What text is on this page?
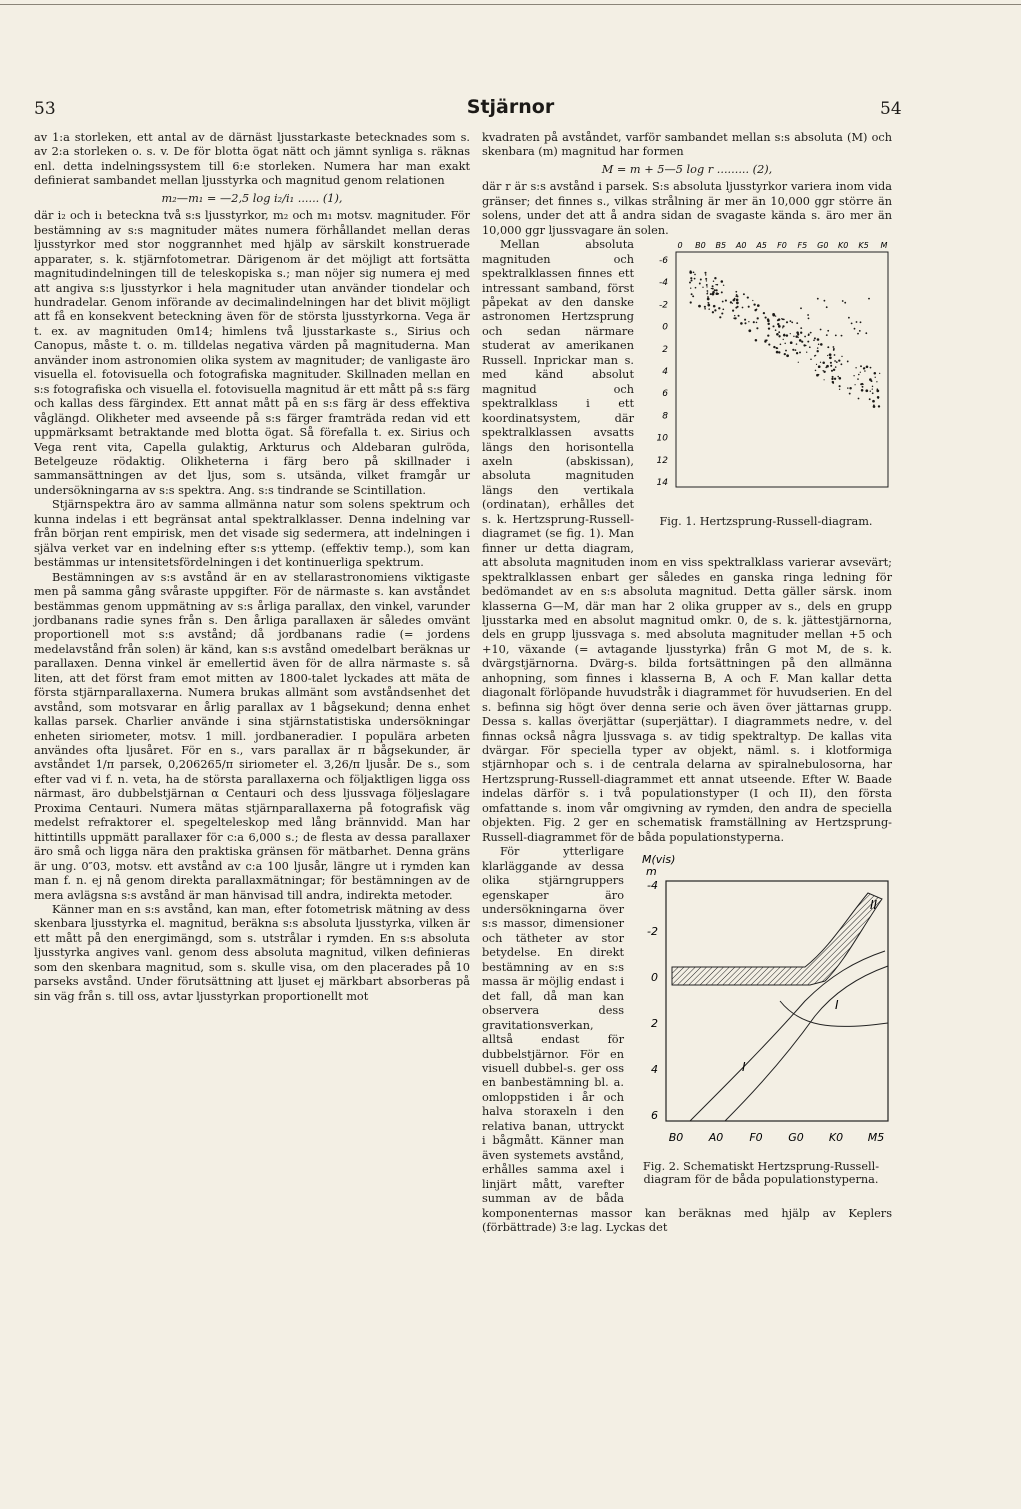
53	Stjärnor	54

av 1:a storleken, ett antal av de därnäst ljusstarkaste betecknades som s. av 2:a storleken o. s. v. De för blotta ögat nätt och jämnt synliga s. räknas enl. detta indelningssystem till 6:e storleken. Numera har man exakt definierat sambandet mellan ljusstyrka och magnitud genom relationen

m₂—m₁ = —2,5 log i₂/i₁ ...... (1),

där i₂ och i₁ beteckna två s:s ljusstyrkor, m₂ och m₁ motsv. magnituder. För bestämning av s:s magnituder mätes numera förhållandet mellan deras ljusstyrkor med stor noggrannhet med hjälp av särskilt konstruerade apparater, s. k. stjärnfotometrar. Därigenom är det möjligt att fortsätta magnitudindelningen till de teleskopiska s.; man nöjer sig numera ej med att angiva s:s ljusstyrkor i hela magnituder utan använder tiondelar och hundradelar. Genom införande av decimalindelningen har det blivit möjligt att få en konsekvent beteckning även för de största ljusstyrkorna. Vega är t. ex. av magnituden 0m14; himlens två ljusstarkaste s., Sirius och Canopus, måste t. o. m. tilldelas negativa värden på magnituderna. Man använder inom astronomien olika system av magnituder; de vanligaste äro visuella el. fotovisuella och fotografiska magnituder. Skillnaden mellan en s:s fotografiska och visuella el. fotovisuella magnitud är ett mått på s:s färg och kallas dess färgindex. Ett annat mått på en s:s färg är dess effektiva våglängd. Olikheter med avseende på s:s färger framträda redan vid ett uppmärksamt betraktande med blotta ögat. Så förefalla t. ex. Sirius och Vega rent vita, Capella gulaktig, Arkturus och Aldebaran gulröda, Betelgeuze rödaktig. Olikheterna i färg bero på skillnader i sammansättningen av det ljus, som s. utsända, vilket framgår ur undersökningarna av s:s spektra. Ang. s:s tindrande se Scintillation.

Stjärnspektra äro av samma allmänna natur som solens spektrum och kunna indelas i ett begränsat antal spektralklasser. Denna indelning var från början rent empirisk, men det visade sig sedermera, att indelningen i själva verket var en indelning efter s:s yttemp. (effektiv temp.), som kan bestämmas ur intensitetsfördelningen i det kontinuerliga spektrum.

Bestämningen av s:s avstånd är en av stellarastronomiens viktigaste men på samma gång svåraste uppgifter. För de närmaste s. kan avståndet bestämmas genom uppmätning av s:s årliga parallax, den vinkel, varunder jordbanans radie synes från s. Den årliga parallaxen är således omvänt proportionell mot s:s avstånd; då jordbanans radie (= jordens medelavstånd från solen) är känd, kan s:s avstånd omedelbart beräknas ur parallaxen. Denna vinkel är emellertid även för de allra närmaste s. så liten, att det först fram emot mitten av 1800-talet lyckades att mäta de första stjärnparallaxerna. Numera brukas allmänt som avståndsenhet det avstånd, som motsvarar en årlig parallax av 1 bågsekund; denna enhet kallas parsek. Charlier använde i sina stjärnstatistiska undersökningar enheten siriometer, motsv. 1 mill. jordbaneradier. I populära arbeten användes ofta ljusåret. För en s., vars parallax är π bågsekunder, är avståndet 1/π parsek, 0,206265/π siriometer el. 3,26/π ljusår. De s., som efter vad vi f. n. veta, ha de största parallaxerna och följaktligen ligga oss närmast, äro dubbelstjärnan α Centauri och dess ljussvaga följeslagare Proxima Centauri. Numera mätas stjärnparallaxerna på fotografisk väg medelst refraktorer el. spegelteleskop med lång brännvidd. Man har hittintills uppmätt parallaxer för c:a 6,000 s.; de flesta av dessa parallaxer äro små och ligga nära den praktiska gränsen för mätbarhet. Denna gräns är ung. 0″03, motsv. ett avstånd av c:a 100 ljusår, längre ut i rymden kan man f. n. ej nå genom direkta parallaxmätningar; för bestämningen av de mera avlägsna s:s avstånd är man hänvisad till andra, indirekta metoder.

Känner man en s:s avstånd, kan man, efter fotometrisk mätning av dess skenbara ljusstyrka el. magnitud, beräkna s:s absoluta ljusstyrka, vilken är ett mått på den energimängd, som s. utstrålar i rymden. En s:s absoluta ljusstyrka angives vanl. genom dess absoluta magnitud, vilken definieras som den skenbara magnitud, som s. skulle visa, om den placerades på 10 parseks avstånd. Under förutsättning att ljuset ej märkbart absorberas på sin väg från s. till oss, avtar ljusstyrkan proportionellt mot

kvadraten på avståndet, varför sambandet mellan s:s absoluta (M) och skenbara (m) magnitud har formen

M = m + 5—5 log r ......... (2),

där r är s:s avstånd i parsek. S:s absoluta ljusstyrkor variera inom vida gränser; det finnes s., vilkas strålning är mer än 10,000 ggr större än solens, under det att å andra sidan de svagaste kända s. äro mer än 10,000 ggr ljussvagare än solen.

0 B0 B5 A0 A5 F0 F5 G0 K0 K5 M
-6
-4
-2
0
2
4
6
8
10
12
14
Fig. 1. Hertzsprung-Russell-diagram.

Mellan absoluta magnituden och spektralklassen finnes ett intressant samband, först påpekat av den danske astronomen Hertzsprung och sedan närmare studerat av amerikanen Russell. Inprickar man s. med känd absolut magnitud och spektralklass i ett koordinatsystem, där spektralklassen avsatts längs den horisontella axeln (abskissan), absoluta magnituden längs den vertikala (ordinatan), erhålles det s. k. Hertzsprung-Russell-diagramet (se fig. 1). Man finner ur detta diagram, att absoluta magnituden inom en viss spektralklass varierar avsevärt; spektralklassen enbart ger således en ganska ringa ledning för bedömandet av en s:s absoluta magnitud. Detta gäller särsk. inom klasserna G—M, där man har 2 olika grupper av s., dels en grupp ljusstarka med en absolut magnitud omkr. 0, de s. k. jättestjärnorna, dels en grupp ljussvaga s. med absoluta magnituder mellan +5 och +10, växande (= avtagande ljusstyrka) från G mot M, de s. k. dvärgstjärnorna. Dvärg-s. bilda fortsättningen på den allmänna anhopning, som finnes i klasserna B, A och F. Man kallar detta diagonalt förlöpande huvudstråk i diagrammet för huvudserien. En del s. befinna sig högt över denna serie och även över jättarnas grupp. Dessa s. kallas överjättar (superjättar). I diagrammets nedre, v. del finnas också några ljussvaga s. av tidig spektraltyp. De kallas vita dvärgar. För speciella typer av objekt, näml. s. i klotformiga stjärnhopar och s. i de centrala delarna av spiralnebulosorna, har Hertzsprung-Russell-diagrammet ett annat utseende. Efter W. Baade indelas därför s. i två populationstyper (I och II), den första omfattande s. inom vår omgivning av rymden, den andra de speciella objekten. Fig. 2 ger en schematisk framställning av Hertzsprung-Russell-diagrammet för de båda populationstyperna.

M(vis)
m
II
I
I
-4
-2
0
2
4
6
B0 A0 F0 G0 K0 M5
Fig. 2. Schematiskt Hertzsprung-Russell-diagram för de båda populationstyperna.

För ytterligare klarläggande av dessa olika stjärngruppers egenskaper äro undersökningarna över s:s massor, dimensioner och tätheter av stor betydelse. En direkt bestämning av en s:s massa är möjlig endast i det fall, då man kan observera dess gravitationsverkan, alltså endast för dubbelstjärnor. För en visuell dubbel-s. ger oss en banbestämning bl. a. omloppstiden i år och halva storaxeln i den relativa banan, uttryckt i bågmått. Känner man även systemets avstånd, erhålles samma axel i linjärt mått, varefter summan av de båda komponenternas massor kan beräknas med hjälp av Keplers (förbättrade) 3:e lag. Lyckas det
